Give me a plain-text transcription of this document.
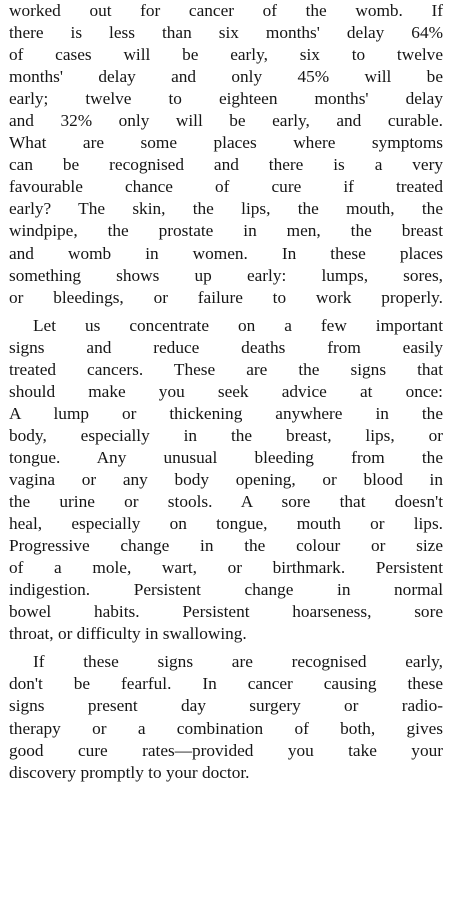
worked out for cancer of the womb. If
there is less than six months' delay 64%
of cases will be early, six to twelve
months' delay and only 45% will be
early; twelve to eighteen months' delay
and 32% only will be early, and curable.
What are some places where symptoms
can be recognised and there is a very
favourable chance of cure if treated
early? The skin, the lips, the mouth, the
windpipe, the prostate in men, the breast
and womb in women. In these places
something shows up early: lumps, sores,
or bleedings, or failure to work properly.

Let us concentrate on a few important
signs and reduce deaths from easily
treated cancers. These are the signs that
should make you seek advice at once:
A lump or thickening anywhere in the
body, especially in the breast, lips, or
tongue. Any unusual bleeding from the
vagina or any body opening, or blood in
the urine or stools. A sore that doesn't
heal, especially on tongue, mouth or lips.
Progressive change in the colour or size
of a mole, wart, or birthmark. Persistent
indigestion. Persistent change in normal
bowel habits. Persistent hoarseness, sore
throat, or difficulty in swallowing.

If these signs are recognised early,
don't be fearful. In cancer causing these
signs present day surgery or radio-
therapy or a combination of both, gives
good cure rates—provided you take your
discovery promptly to your doctor.
